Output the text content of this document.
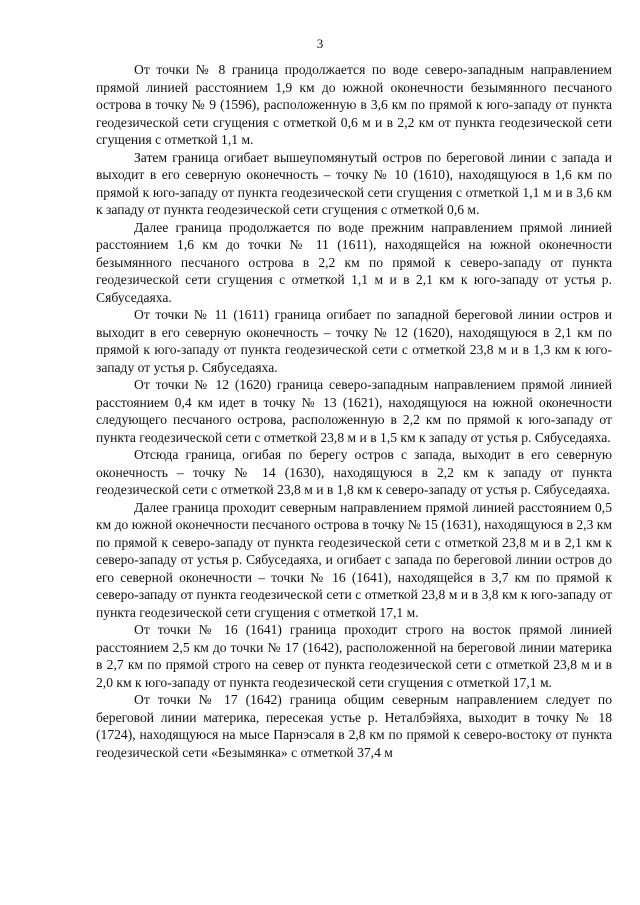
3

От точки № 8 граница продолжается по воде северо-западным направлением прямой линией расстоянием 1,9 км до южной оконечности безымянного песчаного острова в точку № 9 (1596), расположенную в 3,6 км по прямой к юго-западу от пункта геодезической сети сгущения с отметкой 0,6 м и в 2,2 км от пункта геодезической сети сгущения с отметкой 1,1 м.

Затем граница огибает вышеупомянутый остров по береговой линии с запада и выходит в его северную оконечность – точку № 10 (1610), находящуюся в 1,6 км по прямой к юго-западу от пункта геодезической сети сгущения с отметкой 1,1 м и в 3,6 км к западу от пункта геодезической сети сгущения с отметкой 0,6 м.

Далее граница продолжается по воде прежним направлением прямой линией расстоянием 1,6 км до точки № 11 (1611), находящейся на южной оконечности безымянного песчаного острова в 2,2 км по прямой к северо-западу от пункта геодезической сети сгущения с отметкой 1,1 м и в 2,1 км к юго-западу от устья р. Сябуседаяха.

От точки № 11 (1611) граница огибает по западной береговой линии остров и выходит в его северную оконечность – точку № 12 (1620), находящуюся в 2,1 км по прямой к юго-западу от пункта геодезической сети с отметкой 23,8 м и в 1,3 км к юго-западу от устья р. Сябуседаяха.

От точки № 12 (1620) граница северо-западным направлением прямой линией расстоянием 0,4 км идет в точку № 13 (1621), находящуюся на южной оконечности следующего песчаного острова, расположенную в 2,2 км по прямой к юго-западу от пункта геодезической сети с отметкой 23,8 м и в 1,5 км к западу от устья р. Сябуседаяха.

Отсюда граница, огибая по берегу остров с запада, выходит в его северную оконечность – точку № 14 (1630), находящуюся в 2,2 км к западу от пункта геодезической сети с отметкой 23,8 м и в 1,8 км к северо-западу от устья р. Сябуседаяха.

Далее граница проходит северным направлением прямой линией расстоянием 0,5 км до южной оконечности песчаного острова в точку № 15 (1631), находящуюся в 2,3 км по прямой к северо-западу от пункта геодезической сети с отметкой 23,8 м и в 2,1 км к северо-западу от устья р. Сябуседаяха, и огибает с запада по береговой линии остров до его северной оконечности – точки № 16 (1641), находящейся в 3,7 км по прямой к северо-западу от пункта геодезической сети с отметкой 23,8 м и в 3,8 км к юго-западу от пункта геодезической сети сгущения с отметкой 17,1 м.

От точки № 16 (1641) граница проходит строго на восток прямой линией расстоянием 2,5 км до точки № 17 (1642), расположенной на береговой линии материка в 2,7 км по прямой строго на север от пункта геодезической сети с отметкой 23,8 м и в 2,0 км к юго-западу от пункта геодезической сети сгущения с отметкой 17,1 м.

От точки № 17 (1642) граница общим северным направлением следует по береговой линии материка, пересекая устье р. Неталбэйяха, выходит в точку № 18 (1724), находящуюся на мысе Парнэсаля в 2,8 км по прямой к северо-востоку от пункта геодезической сети «Безымянка» с отметкой 37,4 м
